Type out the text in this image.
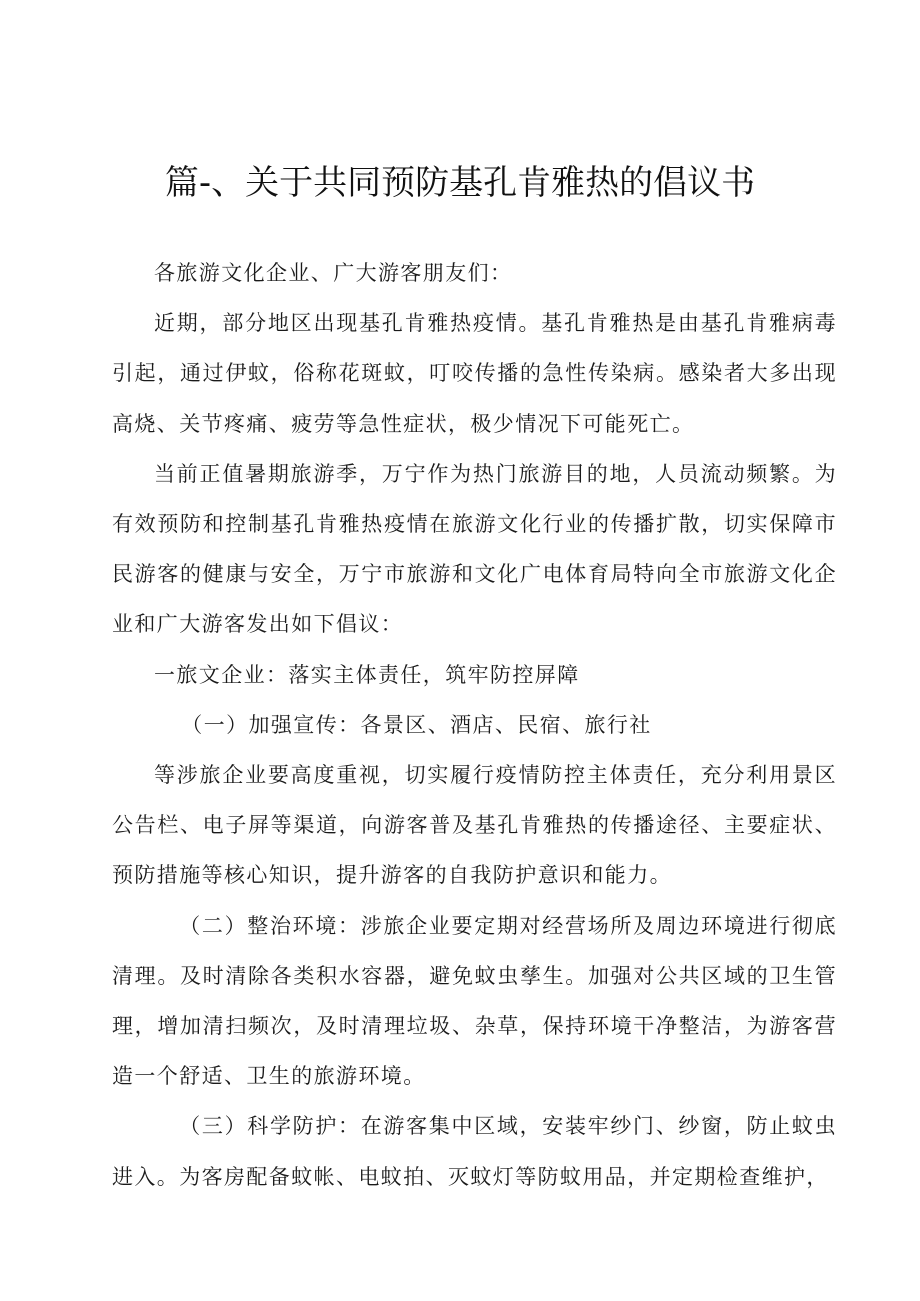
篇-、关于共同预防基孔肯雅热的倡议书

各旅游文化企业、广大游客朋友们：

近期，部分地区出现基孔肯雅热疫情。基孔肯雅热是由基孔肯雅病毒引起，通过伊蚊，俗称花斑蚊，叮咬传播的急性传染病。感染者大多出现高烧、关节疼痛、疲劳等急性症状，极少情况下可能死亡。

当前正值暑期旅游季，万宁作为热门旅游目的地，人员流动频繁。为有效预防和控制基孔肯雅热疫情在旅游文化行业的传播扩散，切实保障市民游客的健康与安全，万宁市旅游和文化广电体育局特向全市旅游文化企业和广大游客发出如下倡议：

一旅文企业：落实主体责任，筑牢防控屏障

（一）加强宣传：各景区、酒店、民宿、旅行社

等涉旅企业要高度重视，切实履行疫情防控主体责任，充分利用景区公告栏、电子屏等渠道，向游客普及基孔肯雅热的传播途径、主要症状、预防措施等核心知识，提升游客的自我防护意识和能力。

（二）整治环境：涉旅企业要定期对经营场所及周边环境进行彻底清理。及时清除各类积水容器，避免蚊虫孳生。加强对公共区域的卫生管理，增加清扫频次，及时清理垃圾、杂草，保持环境干净整洁，为游客营造一个舒适、卫生的旅游环境。

（三）科学防护：在游客集中区域，安装牢纱门、纱窗，防止蚊虫进入。为客房配备蚊帐、电蚊拍、灭蚊灯等防蚊用品，并定期检查维护，
